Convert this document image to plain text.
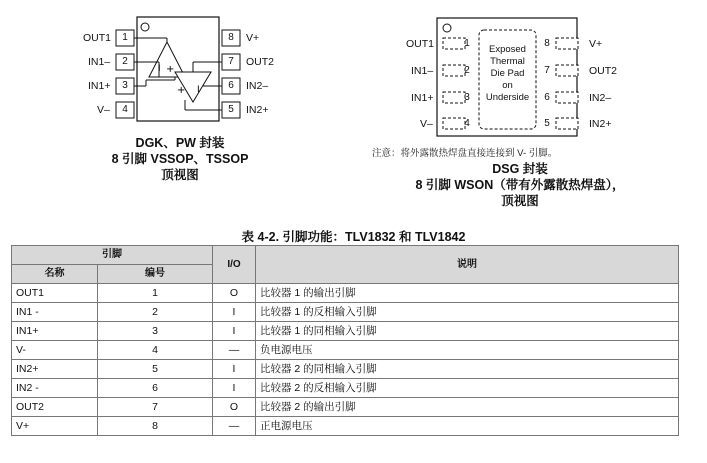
I +
+ I
OUT1	1
IN1–	2
IN1+	3
V–	4
8	V+
7	OUT2
6	IN2–
5	IN2+
DGK、PW 封装
8 引脚 VSSOP、TSSOP
顶视图
Exposed
Thermal
Die Pad
on
Underside
OUT1	1
IN1–	2
IN1+	3
V–	4
8	V+
7	OUT2
6	IN2–
5	IN2+
注意：将外露散热焊盘直接连接到 V- 引脚。
DSG 封装
8 引脚 WSON（带有外露散热焊盘），
顶视图
表 4-2. 引脚功能：TLV1832 和 TLV1842
引脚		I/O	说明
名称	编号		
OUT1	1	O	比较器 1 的输出引脚
IN1 -	2	I	比较器 1 的反相输入引脚
IN1+	3	I	比较器 1 的同相输入引脚
V-	4	—	负电源电压
IN2+	5	I	比较器 2 的同相输入引脚
IN2 -	6	I	比较器 2 的反相输入引脚
OUT2	7	O	比较器 2 的输出引脚
V+	8	—	正电源电压
